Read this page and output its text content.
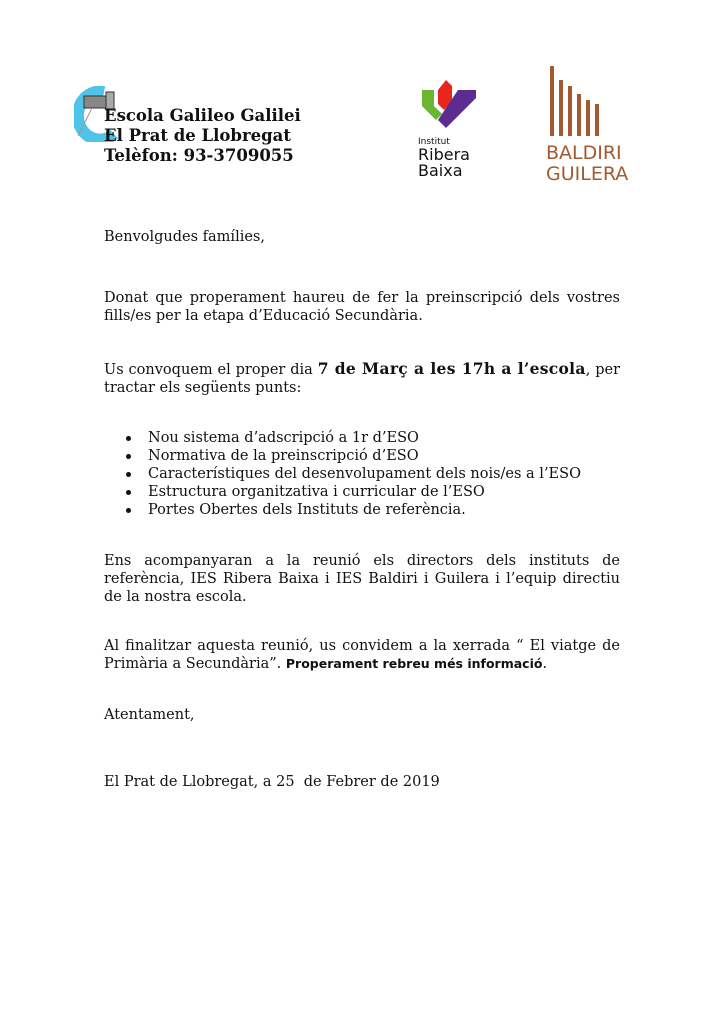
Escola Galileo Galilei
El Prat de Llobregat
Telèfon: 93-3709055
Institut
Ribera
Baixa
BALDIRI
GUILERA
Benvolgudes famílies,
Donat que properament haureu de fer la preinscripció dels vostres fills/es per la etapa d’Educació Secundària.
Us convoquem el proper dia 7 de Març a les 17h a l’escola, per tractar els següents punts:
Nou sistema d’adscripció a 1r d’ESO
Normativa de la preinscripció d’ESO
Característiques del desenvolupament dels nois/es a l’ESO
Estructura organitzativa i curricular de l’ESO
Portes Obertes dels Instituts de referència.
Ens acompanyaran a la reunió els directors dels instituts de referència, IES Ribera Baixa i IES Baldiri i Guilera i l’equip directiu de la nostra escola.
Al finalitzar aquesta reunió, us convidem a la xerrada “ El viatge de Primària a Secundària”. Properament rebreu més informació.
Atentament,
El Prat de Llobregat, a 25  de Febrer de 2019
